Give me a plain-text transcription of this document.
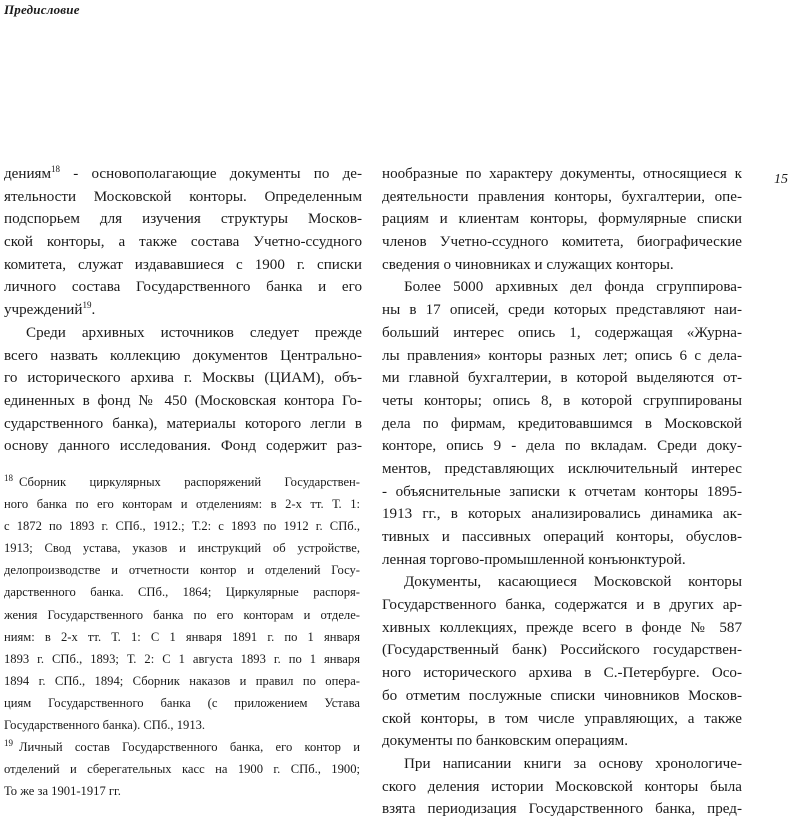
Предисловие
15
дениям$^{18}$ - основополагающие документы по де-
ятельности Московской конторы. Определенным
подспорьем для изучения структуры Москов-
ской конторы, а также состава Учетно-ссудного
комитета, служат издававшиеся с 1900 г. списки
личного состава Государственного банка и его
учреждений$^{19}$.
Среди архивных источников следует прежде
всего назвать коллекцию документов Центрально-
го исторического архива г. Москвы (ЦИАМ), объ-
единенных в фонд № 450 (Московская контора Го-
сударственного банка), материалы которого легли в
основу данного исследования. Фонд содержит раз-
$^{18}$ Сборник циркулярных распоряжений Государствен-
ного банка по его конторам и отделениям: в 2-х тт. Т. 1:
с 1872 по 1893 г. СПб., 1912.; Т.2: с 1893 по 1912 г. СПб.,
1913; Свод устава, указов и инструкций об устройстве,
делопроизводстве и отчетности контор и отделений Госу-
дарственного банка. СПб., 1864; Циркулярные распоря-
жения Государственного банка по его конторам и отделе-
ниям: в 2-х тт. Т. 1: С 1 января 1891 г. по 1 января
1893 г. СПб., 1893; Т. 2: С 1 августа 1893 г. по 1 января
1894 г. СПб., 1894; Сборник наказов и правил по опера-
циям Государственного банка (с приложением Устава
Государственного банка). СПб., 1913.
$^{19}$ Личный состав Государственного банка, его контор и
отделений и сберегательных касс на 1900 г. СПб., 1900;
То же за 1901-1917 гг.
нообразные по характеру документы, относящиеся к
деятельности правления конторы, бухгалтерии, опе-
рациям и клиентам конторы, формулярные списки
членов Учетно-ссудного комитета, биографические
сведения о чиновниках и служащих конторы.
Более 5000 архивных дел фонда сгруппирова-
ны в 17 описей, среди которых представляют наи-
больший интерес опись 1, содержащая «Журна-
лы правления» конторы разных лет; опись 6 с дела-
ми главной бухгалтерии, в которой выделяются от-
четы конторы; опись 8, в которой сгруппированы
дела по фирмам, кредитовавшимся в Московской
конторе, опись 9 - дела по вкладам. Среди доку-
ментов, представляющих исключительный интерес
- объяснительные записки к отчетам конторы 1895-
1913 гг., в которых анализировались динамика ак-
тивных и пассивных операций конторы, обуслов-
ленная торгово-промышленной конъюнктурой.
Документы, касающиеся Московской конторы
Государственного банка, содержатся и в других ар-
хивных коллекциях, прежде всего в фонде № 587
(Государственный банк) Российского государствен-
ного исторического архива в С.-Петербурге. Осо-
бо отметим послужные списки чиновников Москов-
ской конторы, в том числе управляющих, а также
документы по банковским операциям.
При написании книги за основу хронологиче-
ского деления истории Московской конторы была
взята периодизация Государственного банка, пред-
